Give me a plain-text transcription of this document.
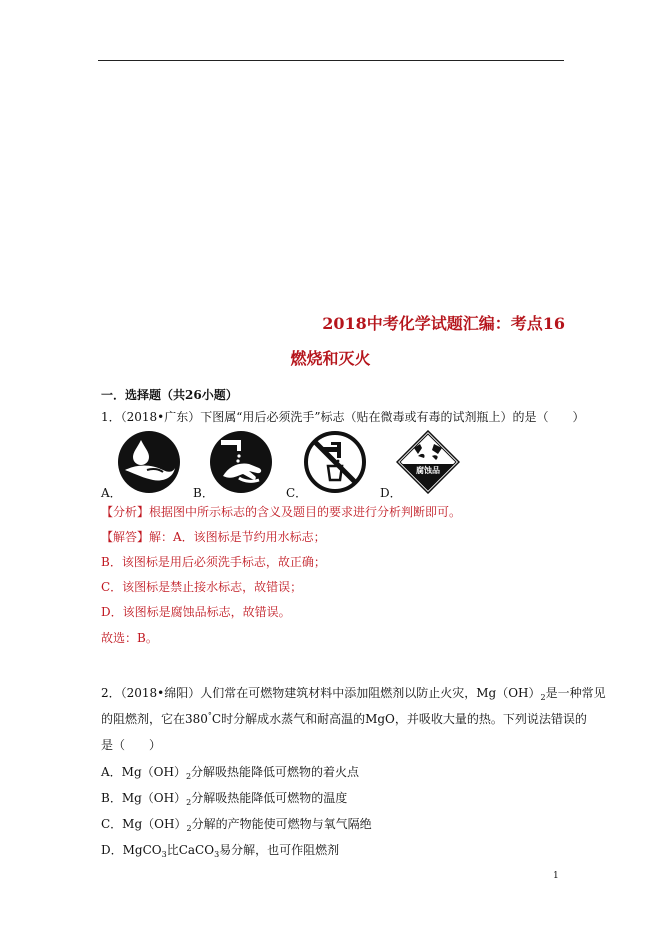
2018中考化学试题汇编：考点16
燃烧和灭火
一．选择题（共26小题）
1．（2018•广东）下图属“用后必须洗手”标志（贴在微毒或有毒的试剂瓶上）的是（　　）
腐蚀品
A．	B．	C．	D．
【分析】根据图中所示标志的含义及题目的要求进行分析判断即可。
【解答】解：A．该图标是节约用水标志；
B．该图标是用后必须洗手标志，故正确；
C．该图标是禁止接水标志，故错误；
D．该图标是腐蚀品标志，故错误。
故选：B。
2．（2018•绵阳）人们常在可燃物建筑材料中添加阻燃剂以防止火灾，$Mg(OH)_2$是一种常见
的阻燃剂，它在380°C时分解成水蒸气和耐高温的MgO，并吸收大量的热。下列说法错误的
是（　　）
A．$Mg(OH)_2$分解吸热能降低可燃物的着火点
B．$Mg(OH)_2$分解吸热能降低可燃物的温度
C．$Mg(OH)_2$分解的产物能使可燃物与氧气隔绝
D．MgCO$_3$比CaCO$_3$易分解，也可作阻燃剂
1
